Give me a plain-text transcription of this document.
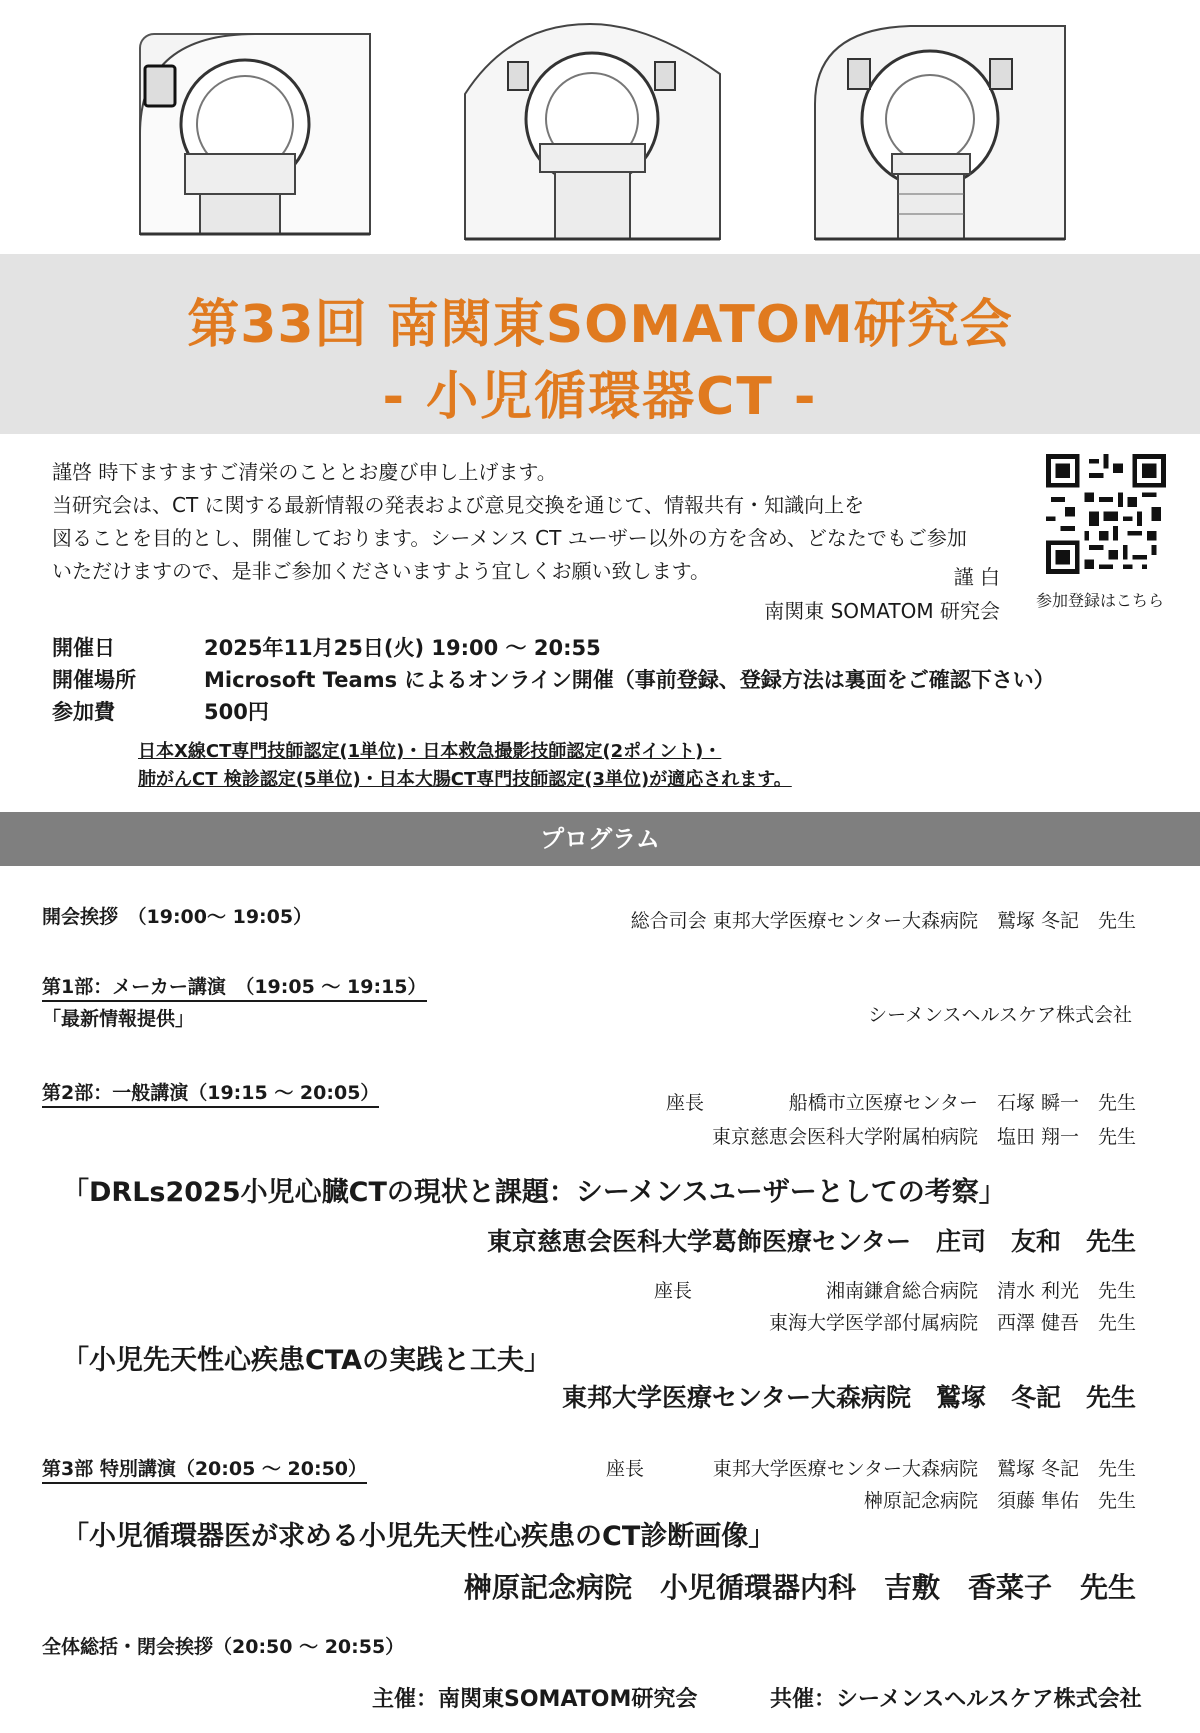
第33回 南関東SOMATOM研究会
- 小児循環器CT -
謹啓 時下ますますご清栄のこととお慶び申し上げます。
当研究会は、CT に関する最新情報の発表および意見交換を通じて、情報共有・知識向上を
図ることを目的とし、開催しております。シーメンス CT ユーザー以外の方を含め、どなたでもご参加
いただけますので、是非ご参加くださいますよう宜しくお願い致します。	謹 白
南関東 SOMATOM 研究会	参加登録はこちら
開催日	2025年11月25日(火) 19:00 〜 20:55
開催場所	Microsoft Teams によるオンライン開催（事前登録、登録方法は裏面をご確認下さい）
参加費	500円
日本X線CT専門技師認定(1単位)・日本救急撮影技師認定(2ポイント)・
肺がんCT 検診認定(5単位)・日本大腸CT専門技師認定(3単位)が適応されます。
プログラム
開会挨拶　（19:00〜 19:05）	総合司会 東邦大学医療センター大森病院　鷲塚 冬記　先生
第1部：メーカー講演　（19:05 〜 19:15）
「最新情報提供」	シーメンスヘルスケア株式会社
第2部：一般講演（19:15 〜 20:05）	座長	船橋市立医療センター　石塚 瞬一　先生
東京慈恵会医科大学附属柏病院　塩田 翔一　先生
「DRLs2025小児心臓CTの現状と課題：シーメンスユーザーとしての考察」
東京慈恵会医科大学葛飾医療センター　庄司　友和　先生
座長	湘南鎌倉総合病院　清水 利光　先生
東海大学医学部付属病院　西澤 健吾　先生
「小児先天性心疾患CTAの実践と工夫」
東邦大学医療センター大森病院　鷲塚　冬記　先生
第3部 特別講演（20:05 〜 20:50）	座長	東邦大学医療センター大森病院　鷲塚 冬記　先生
榊原記念病院　須藤 隼佑　先生
「小児循環器医が求める小児先天性心疾患のCT診断画像」
榊原記念病院　小児循環器内科　吉敷　香菜子　先生
全体総括・閉会挨拶（20:50 〜 20:55）
主催：南関東SOMATOM研究会	共催：シーメンスヘルスケア株式会社
